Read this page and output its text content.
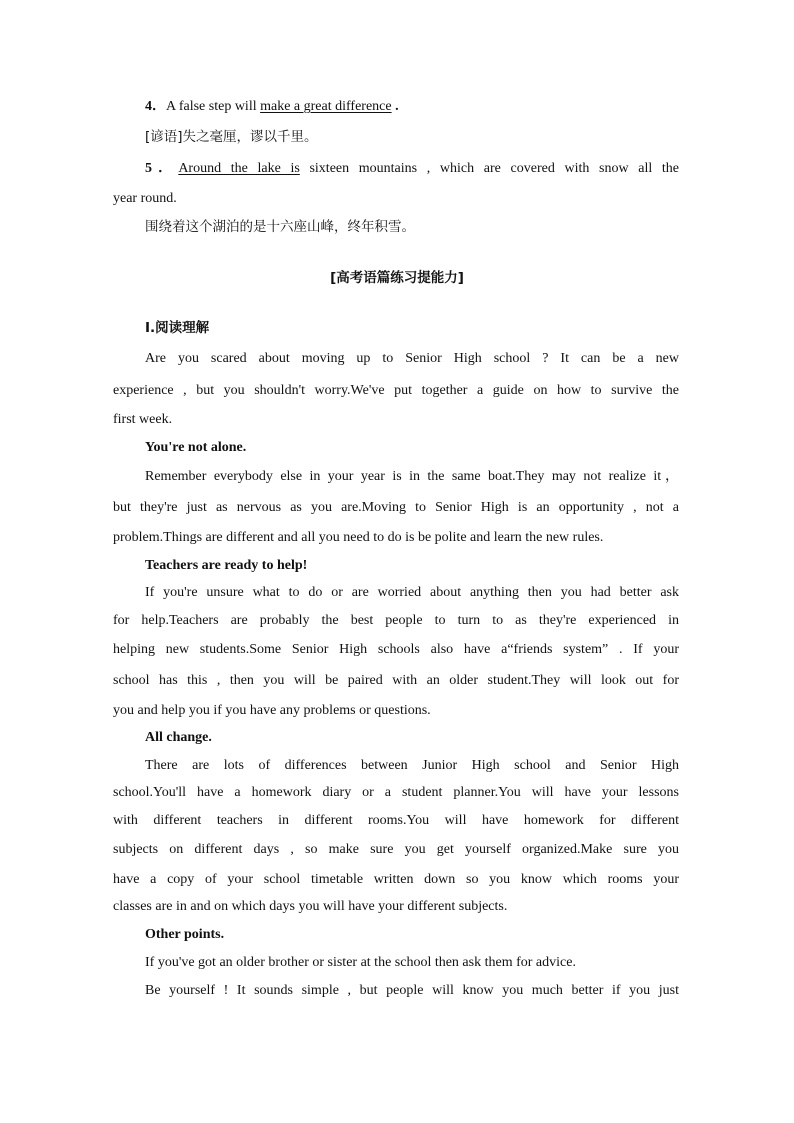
4．A false step will make a great difference .
[谚语]失之毫厘，谬以千里。
5．Around the lake is sixteen mountains , which are covered with snow all the
year round.
围绕着这个湖泊的是十六座山峰，终年积雪。
[高考语篇练习提能力]
Ⅰ.阅读理解
Are you scared about moving up to Senior High school ? It can be a new
experience , but you shouldn't worry.We've put together a guide on how to survive the
first week.
You're not alone.
Remember everybody else in your year is in the same boat.They may not realize it，
but they're just as nervous as you are.Moving to Senior High is an opportunity , not a
problem.Things are different and all you need to do is be polite and learn the new rules.
Teachers are ready to help!
If you're unsure what to do or are worried about anything then you had better ask
for help.Teachers are probably the best people to turn to as they're experienced in
helping new students.Some Senior High schools also have a“friends system” . If your
school has this , then you will be paired with an older student.They will look out for
you and help you if you have any problems or questions.
All change.
There are lots of differences between Junior High school and Senior High
school.You'll have a homework diary or a student planner.You will have your lessons
with different teachers in different rooms.You will have homework for different
subjects on different days , so make sure you get yourself organized.Make sure you
have a copy of your school timetable written down so you know which rooms your
classes are in and on which days you will have your different subjects.
Other points.
If you've got an older brother or sister at the school then ask them for advice.
Be yourself ! It sounds simple , but people will know you much better if you just
